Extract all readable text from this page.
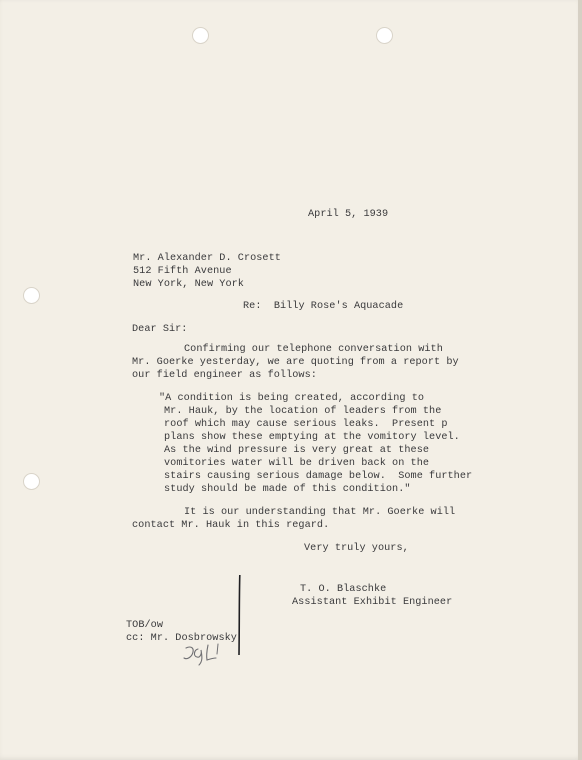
April 5, 1939

Mr. Alexander D. Crosett

512 Fifth Avenue

New York, New York

Re:  Billy Rose's Aquacade

Dear Sir:

Confirming our telephone conversation with

Mr. Goerke yesterday, we are quoting from a report by

our field engineer as follows:

"A condition is being created, according to

Mr. Hauk, by the location of leaders from the

roof which may cause serious leaks.  Present p

plans show these emptying at the vomitory level.

As the wind pressure is very great at these

vomitories water will be driven back on the

stairs causing serious damage below.  Some further

study should be made of this condition."

It is our understanding that Mr. Goerke will

contact Mr. Hauk in this regard.

Very truly yours,

T. O. Blaschke

Assistant Exhibit Engineer

TOB/ow

cc: Mr. Dosbrowsky
